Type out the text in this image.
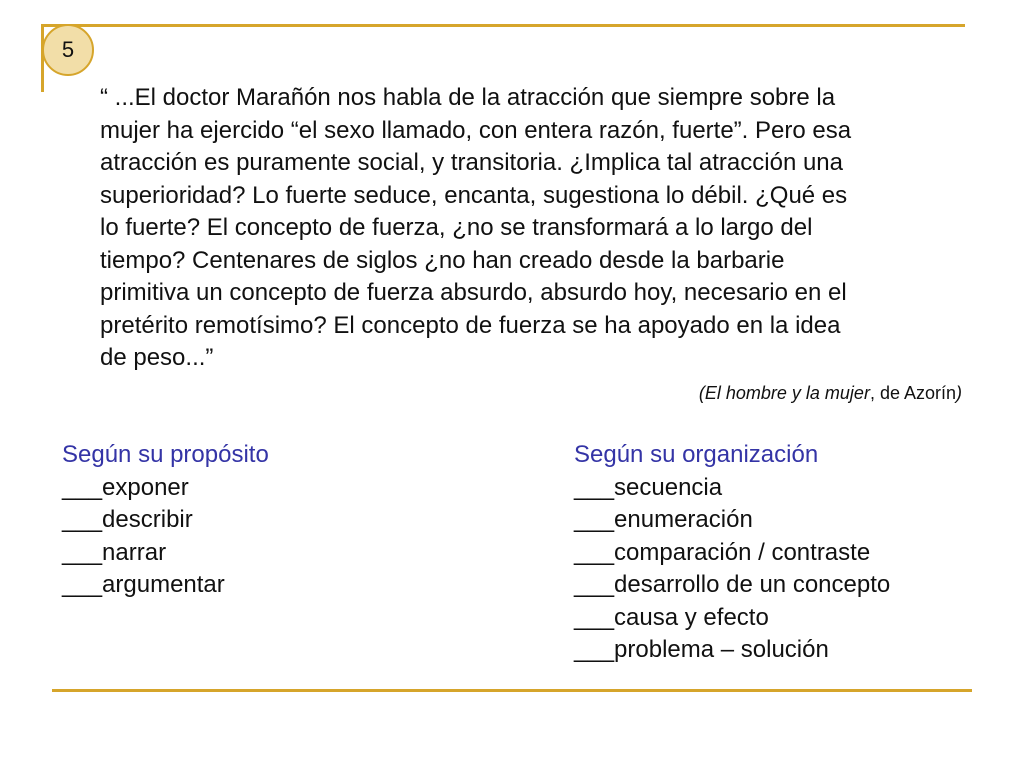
5
“ ...El doctor Marañón nos habla de la atracción que siempre sobre la
mujer ha ejercido “el sexo llamado, con entera razón, fuerte”. Pero esa
atracción es puramente social, y transitoria. ¿Implica tal atracción una
superioridad? Lo fuerte seduce, encanta, sugestiona lo débil. ¿Qué es
lo fuerte? El concepto de fuerza, ¿no se transformará a lo largo del
tiempo? Centenares de siglos ¿no han creado desde la barbarie
primitiva un concepto de fuerza absurdo, absurdo hoy, necesario en el
pretérito remotísimo? El concepto de fuerza se ha apoyado en la idea
de peso...”
(El hombre y la mujer, de Azorín)
Según su propósito
___exponer
___describir
___narrar
___argumentar
Según su organización
___secuencia
___enumeración
___comparación / contraste
___desarrollo de un concepto
___causa y efecto
___problema – solución
